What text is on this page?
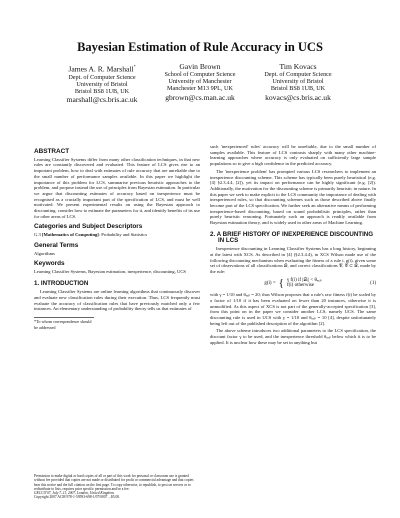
Bayesian Estimation of Rule Accuracy in UCS
James A. R. Marshall*
Dept. of Computer Science
University of Bristol
Bristol BS8 1UB, UK
marshall@cs.bris.ac.uk
Gavin Brown
School of Computer Science
University of Manchester
Manchester M13 9PL, UK
gbrown@cs.man.ac.uk
Tim Kovacs
Dept. of Computer Science
University of Bristol
Bristol BS8 1UB, UK
kovacs@cs.bris.ac.uk
ABSTRACT

Learning Classifier Systems differ from many other classification techniques, in that new rules are constantly discovered and evaluated. This feature of LCS gives rise to an important problem, how to deal with estimates of rule accuracy that are unreliable due to the small number of performance samples available. In this paper we highlight the importance of this problem for LCS, summarise previous heuristic approaches to the problem, and propose instead the use of principles from Bayesian estimation. In particular we argue that discounting estimates of accuracy based on inexperience must be recognised as a crucially important part of the specification of LCS, and must be well motivated. We present experimental results on using the Bayesian approach to discounting, consider how to estimate the parameters for it, and identify benefits of its use for other areas of LCS.

Categories and Subject Descriptors

G.3 [Mathematics of Computing]: Probability and Statistics

General Terms

Algorithms

Keywords

Learning Classifier Systems, Bayesian estimation, inexperience, discounting, UCS

1. INTRODUCTION

Learning Classifier Systems are online learning algorithms that continuously discover and evaluate new classification rules during their execution. Thus, LCS frequently must evaluate the accuracy of classification rules that have previously matched only a few instances. An elementary understanding of probability theory tells us that estimates of

*To whom correspondence should be addressed
Permission to make digital or hard copies of all or part of this work for personal or classroom use is granted without fee provided that copies are not made or distributed for profit or commercial advantage and that copies bear this notice and the full citation on the first page. To copy otherwise, to republish, to post on servers or to redistribute to lists, requires prior specific permission and/or a fee.
GECCO'07, July 7–11, 2007, London, United Kingdom.
Copyright 2007 ACM 978-1-59593-698-1/07/0007 ...$5.00.

such 'inexperienced' rules' accuracy will be unreliable, due to the small number of samples available. This feature of LCS contrasts sharply with many other machine-learning approaches where accuracy is only evaluated on sufficiently large sample populations so to give a high confidence in the predicted accuracy.

The 'inexperience problem' has prompted various LCS researchers to implement an inexperience discounting scheme. This scheme has typically been purely heuristical (e.g. [4] §2.3.4.4, [2]), yet its impact on performance can be highly significant (e.g. [2]). Additionally, the motivation for the discounting scheme is primarily heuristic in nature. In this paper we seek to make explicit to the LCS community the importance of dealing with inexperienced rules, so that discounting schemes such as those described above finally become part of the LCS specification. We further seek an alternative means of performing inexperience-based discounting, based on sound probabilistic principles, rather than purely heuristic reasoning. Fortunately such an approach is readily available from Bayesian estimation theory, and is widely used in other areas of Machine Learning.

2. A BRIEF HISTORY OF INEXPERIENCE DISCOUNTING IN LCS

Inexperience discounting in Learning Classifier Systems has a long history, beginning at the latest with XCS. As described in [4] (§2.3.4.4), in XCS Wilson made use of the following discounting mechanism when evaluating the fitness of a rule i, g(i), given some set of observations of all classifications 𝒟, and correct classifications 𝒞, 𝒞 ⊂ 𝒟, made by the rule:

g(i) = { γ f(i) if |𝒟ᵢ| < θₑₓₚ
f(i) otherwise
(1)

with γ = 1/10 and θₑₓₚ = 20; thus Wilson proposes that a rule's raw fitness f(i) be scaled by a factor of 1/10 if it has been evaluated on fewer than 20 instances, otherwise it is unmodified. As this aspect of XCS is not part of the generally-accepted specification [3], from this point on in the paper we consider another LCS, namely UCS. The same discounting rule is used in UCS with γ = 1/10 and θₑₓₚ = 10 [4], despite unfortunately being left out of the published description of the algorithm [2].

The above scheme introduces two additional parameters to the LCS specification, the discount factor γ to be used, and the inexperience threshold θₑₓₚ below which it is to be applied. It is unclear how these may be set in anything but
